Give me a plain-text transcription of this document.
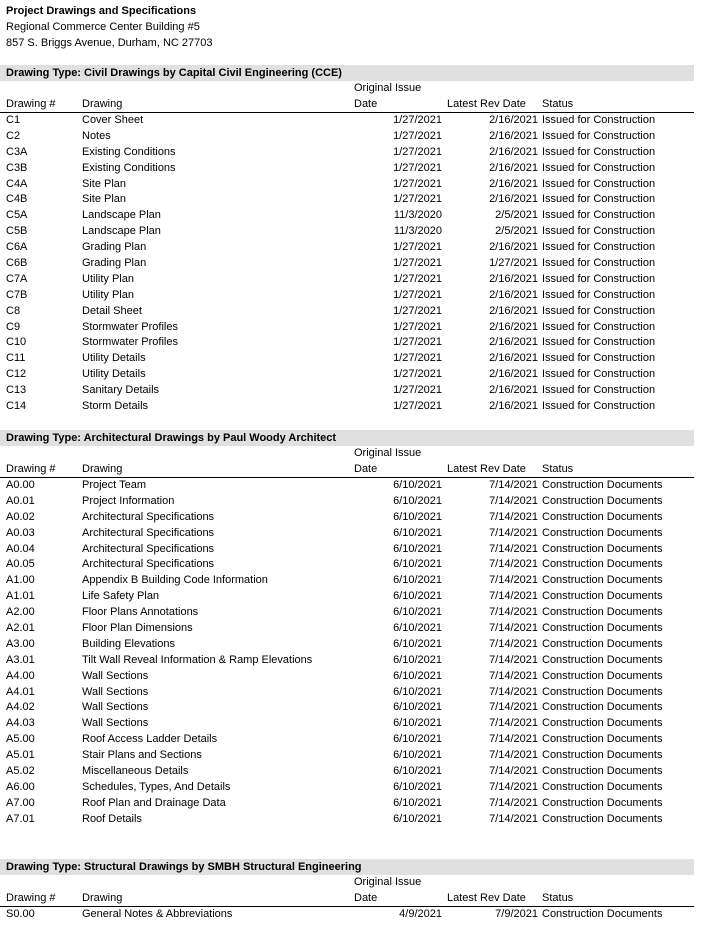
Project Drawings and Specifications
Regional Commerce Center Building #5
857 S. Briggs Avenue, Durham, NC 27703
Drawing Type: Civil Drawings by Capital Civil Engineering (CCE)
Drawing # Drawing
Original Issue
Date	Latest Rev Date Status
C1	Cover Sheet	1/27/2021	2/16/2021 Issued for Construction
C2	Notes	1/27/2021	2/16/2021 Issued for Construction
C3A	Existing Conditions	1/27/2021	2/16/2021 Issued for Construction
C3B	Existing Conditions	1/27/2021	2/16/2021 Issued for Construction
C4A	Site Plan	1/27/2021	2/16/2021 Issued for Construction
C4B	Site Plan	1/27/2021	2/16/2021 Issued for Construction
C5A	Landscape Plan	11/3/2020	2/5/2021 Issued for Construction
C5B	Landscape Plan	11/3/2020	2/5/2021 Issued for Construction
C6A	Grading Plan	1/27/2021	2/16/2021 Issued for Construction
C6B	Grading Plan	1/27/2021	1/27/2021 Issued for Construction
C7A	Utility Plan	1/27/2021	2/16/2021 Issued for Construction
C7B	Utility Plan	1/27/2021	2/16/2021 Issued for Construction
C8	Detail Sheet	1/27/2021	2/16/2021 Issued for Construction
C9	Stormwater Profiles	1/27/2021	2/16/2021 Issued for Construction
C10	Stormwater Profiles	1/27/2021	2/16/2021 Issued for Construction
C11	Utility Details	1/27/2021	2/16/2021 Issued for Construction
C12	Utility Details	1/27/2021	2/16/2021 Issued for Construction
C13	Sanitary Details	1/27/2021	2/16/2021 Issued for Construction
C14	Storm Details	1/27/2021	2/16/2021 Issued for Construction
Drawing Type: Architectural Drawings by Paul Woody Architect
Drawing # Drawing
Original Issue
Date	Latest Rev Date Status
A0.00	Project Team	6/10/2021	7/14/2021 Construction Documents
A0.01	Project Information	6/10/2021	7/14/2021 Construction Documents
A0.02	Architectural Specifications	6/10/2021	7/14/2021 Construction Documents
A0.03	Architectural Specifications	6/10/2021	7/14/2021 Construction Documents
A0.04	Architectural Specifications	6/10/2021	7/14/2021 Construction Documents
A0.05	Architectural Specifications	6/10/2021	7/14/2021 Construction Documents
A1.00	Appendix B Building Code Information	6/10/2021	7/14/2021 Construction Documents
A1.01	Life Safety Plan	6/10/2021	7/14/2021 Construction Documents
A2.00	Floor Plans Annotations	6/10/2021	7/14/2021 Construction Documents
A2.01	Floor Plan Dimensions	6/10/2021	7/14/2021 Construction Documents
A3.00	Building Elevations	6/10/2021	7/14/2021 Construction Documents
A3.01	Tilt Wall Reveal Information & Ramp Elevations	6/10/2021	7/14/2021 Construction Documents
A4.00	Wall Sections	6/10/2021	7/14/2021 Construction Documents
A4.01	Wall Sections	6/10/2021	7/14/2021 Construction Documents
A4.02	Wall Sections	6/10/2021	7/14/2021 Construction Documents
A4.03	Wall Sections	6/10/2021	7/14/2021 Construction Documents
A5.00	Roof Access Ladder Details	6/10/2021	7/14/2021 Construction Documents
A5.01	Stair Plans and Sections	6/10/2021	7/14/2021 Construction Documents
A5.02	Miscellaneous Details	6/10/2021	7/14/2021 Construction Documents
A6.00	Schedules, Types, And Details	6/10/2021	7/14/2021 Construction Documents
A7.00	Roof Plan and Drainage Data	6/10/2021	7/14/2021 Construction Documents
A7.01	Roof Details	6/10/2021	7/14/2021 Construction Documents
Drawing Type: Structural Drawings by SMBH Structural Engineering
Drawing # Drawing
Original Issue
Date	Latest Rev Date Status
S0.00	General Notes & Abbreviations	4/9/2021	7/9/2021 Construction Documents
